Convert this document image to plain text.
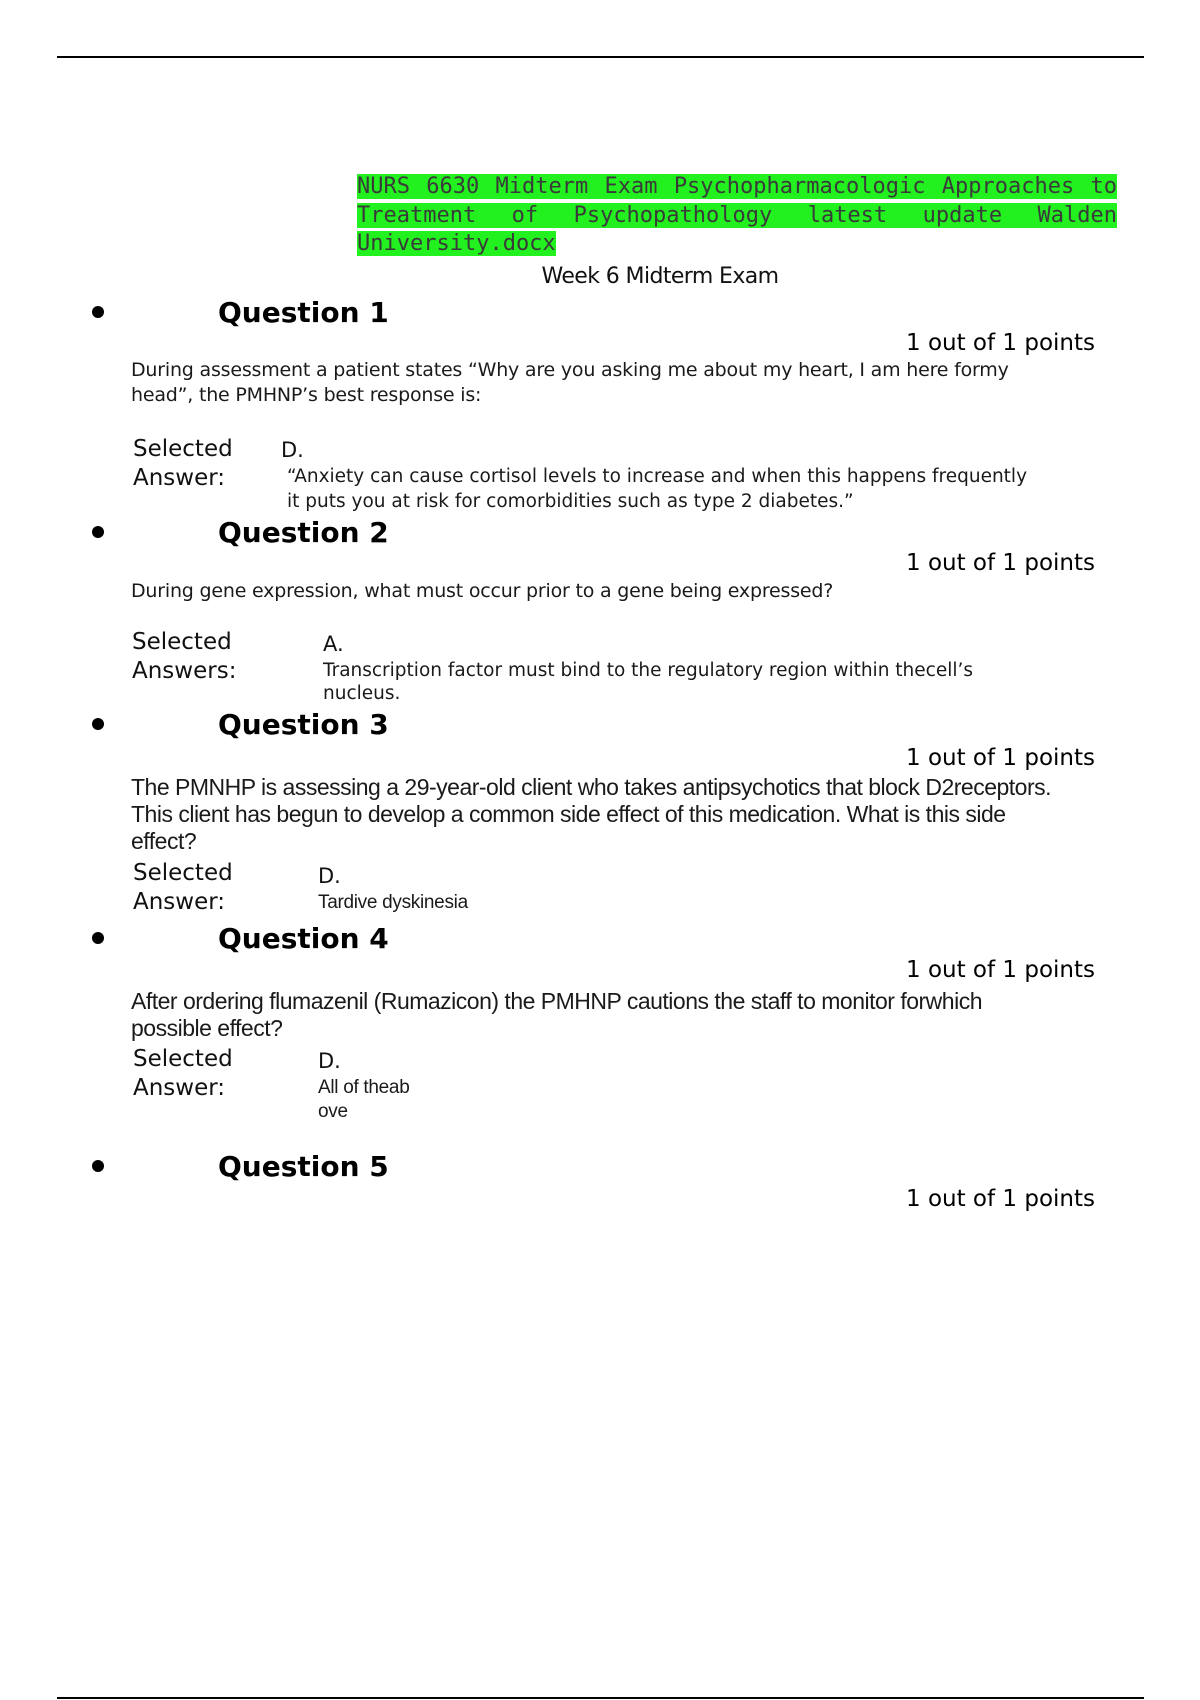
NURS 6630 Midterm Exam Psychopharmacologic Approaches to Treatment of Psychopathology latest update Walden University.docx
Week 6 Midterm Exam
Question 1
1 out of 1 points
During assessment a patient states “Why are you asking me about my heart, I am here formy head”, the PMHNP’s best response is:
Selected
Answer:
D.
“Anxiety can cause cortisol levels to increase and when this happens frequently it puts you at risk for comorbidities such as type 2 diabetes.”
Question 2
1 out of 1 points
During gene expression, what must occur prior to a gene being expressed?
Selected
Answers:
A.
Transcription factor must bind to the regulatory region within thecell’s nucleus.
Question 3
1 out of 1 points
The PMNHP is assessing a 29-year-old client who takes antipsychotics that block D2receptors. This client has begun to develop a common side effect of this medication. What is this side effect?
Selected
Answer:
D.
Tardive dyskinesia
Question 4
1 out of 1 points
After ordering flumazenil (Rumazicon) the PMHNP cautions the staff to monitor forwhich possible effect?
Selected
Answer:
D.
All of theabove
Question 5
1 out of 1 points
